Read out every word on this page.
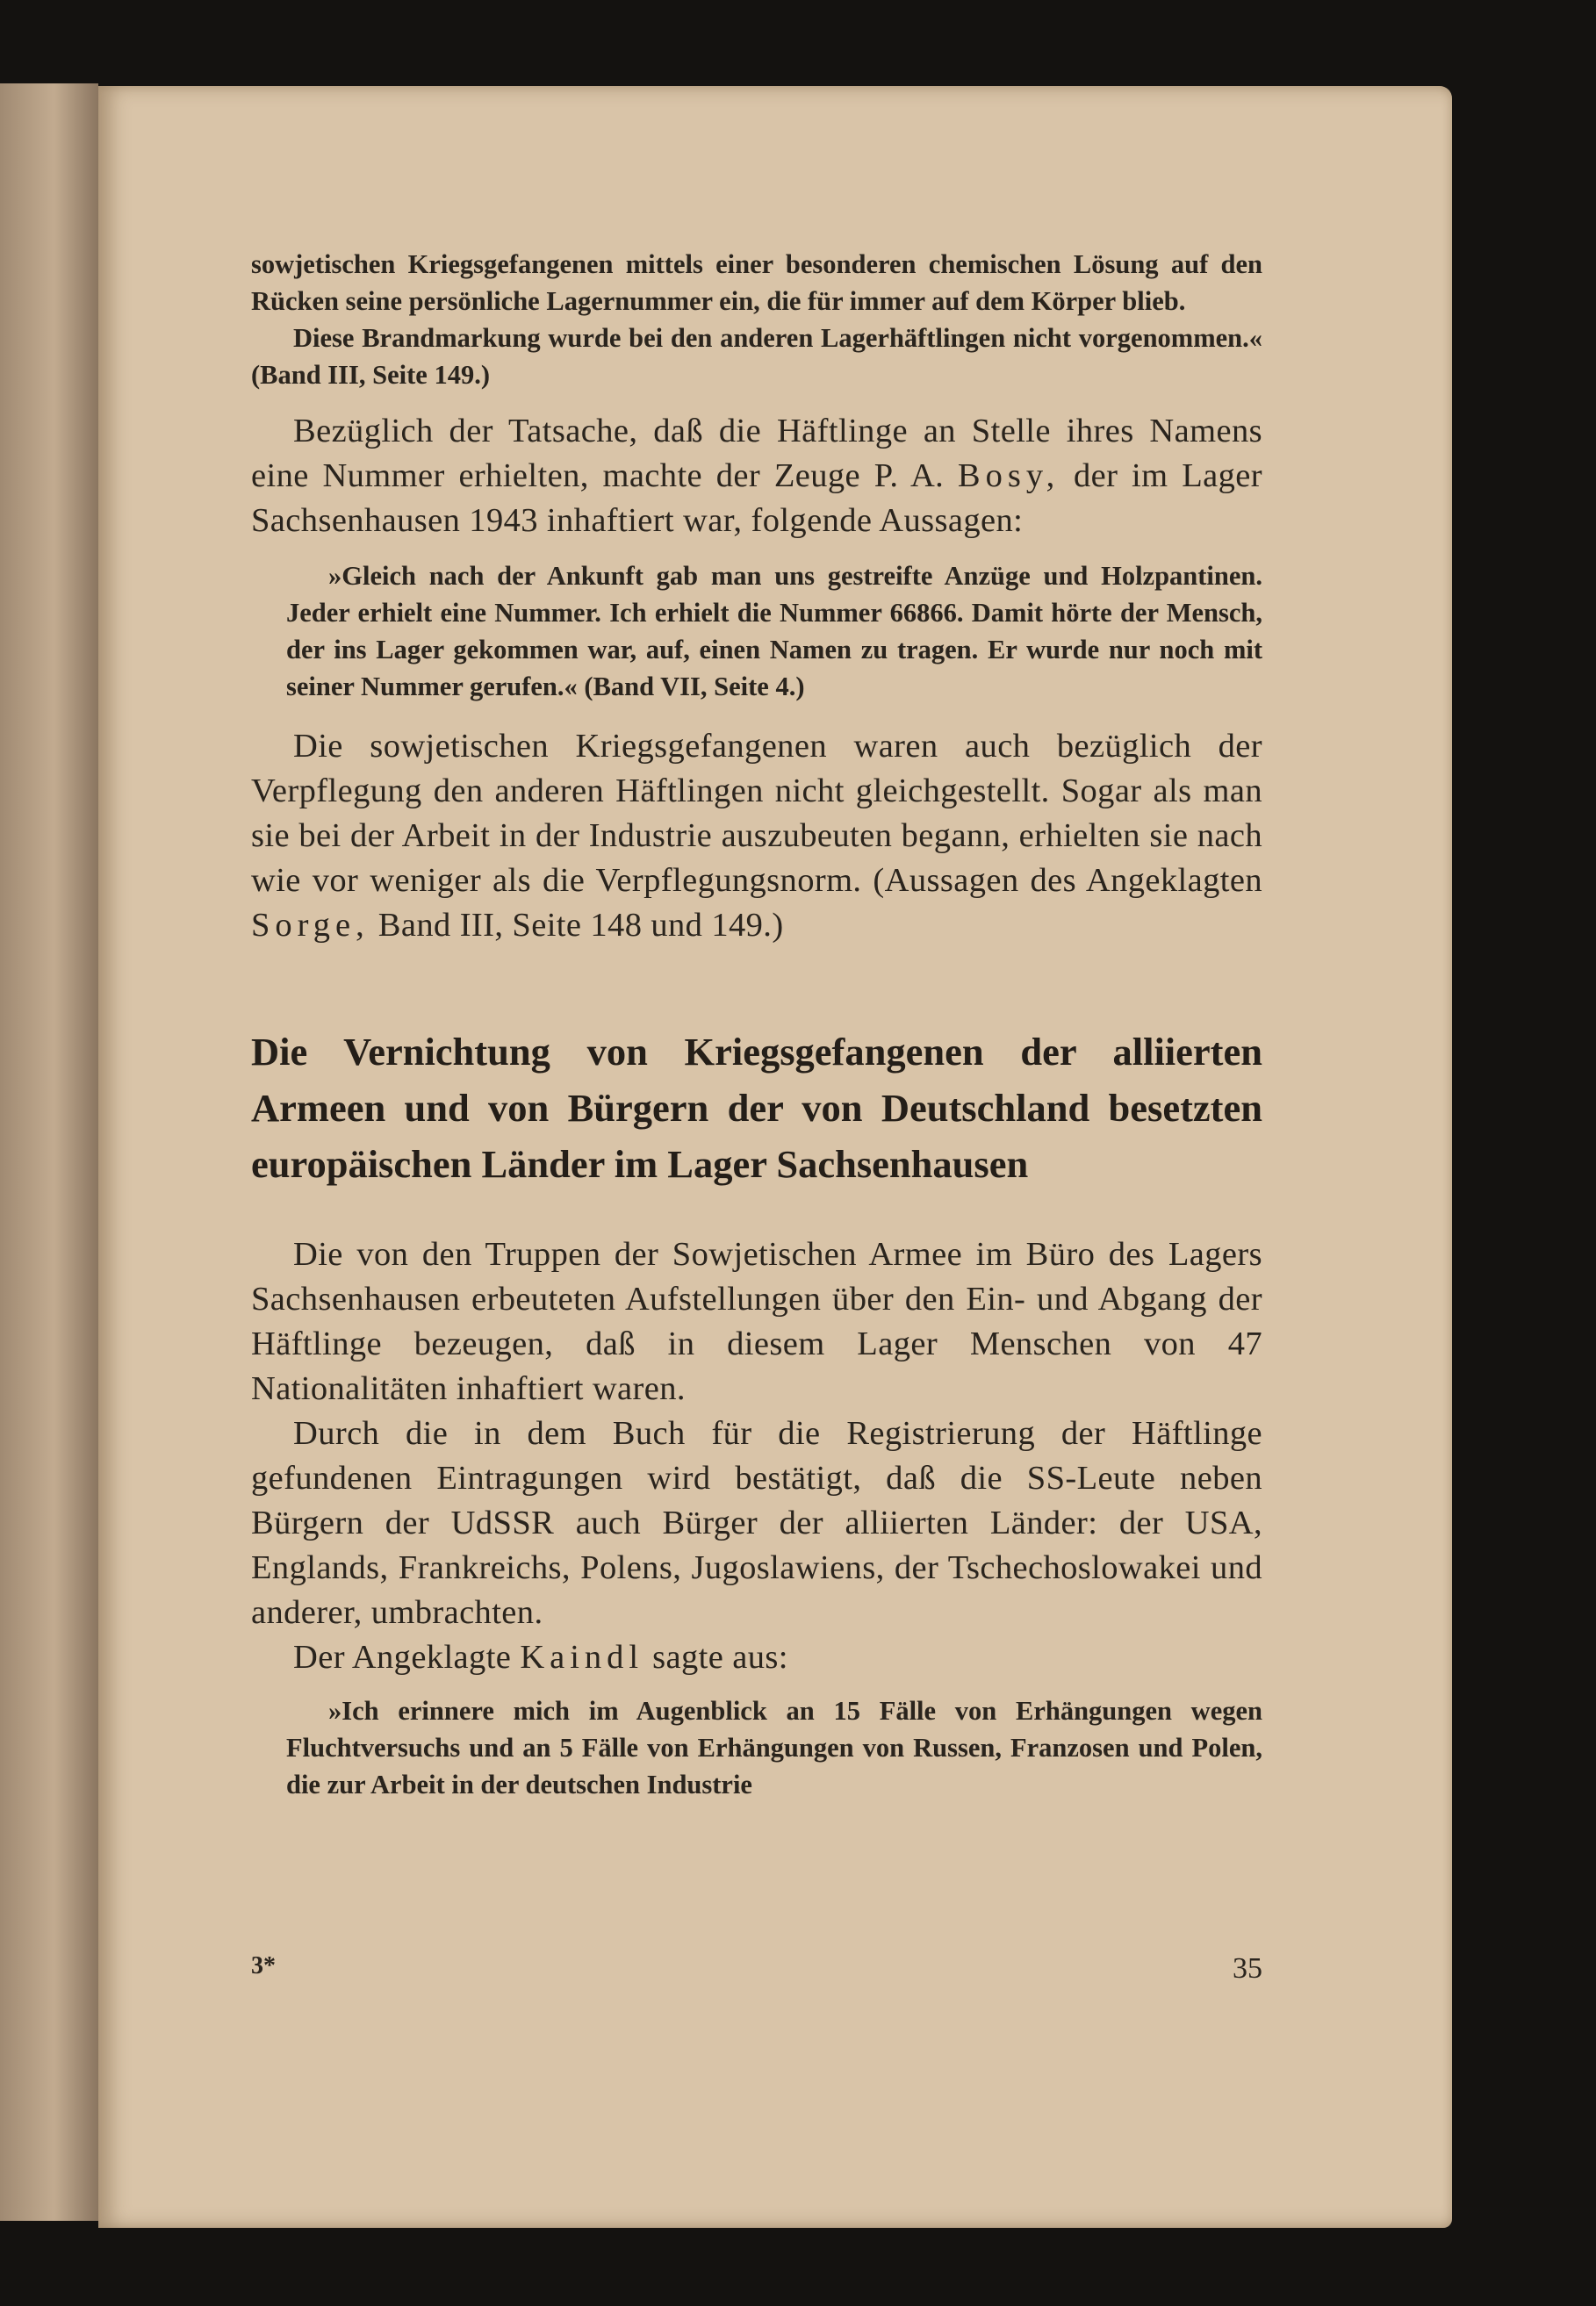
sowjetischen Kriegsgefangenen mittels einer besonderen chemischen Lösung auf den Rücken seine persönliche Lagernummer ein, die für immer auf dem Körper blieb.

Diese Brandmarkung wurde bei den anderen Lagerhäftlingen nicht vorgenommen.« (Band III, Seite 149.)

Bezüglich der Tatsache, daß die Häftlinge an Stelle ihres Namens eine Nummer erhielten, machte der Zeuge P. A. Bosy, der im Lager Sachsenhausen 1943 inhaftiert war, folgende Aussagen:

»Gleich nach der Ankunft gab man uns gestreifte Anzüge und Holzpantinen. Jeder erhielt eine Nummer. Ich erhielt die Nummer 66866. Damit hörte der Mensch, der ins Lager gekommen war, auf, einen Namen zu tragen. Er wurde nur noch mit seiner Nummer gerufen.« (Band VII, Seite 4.)

Die sowjetischen Kriegsgefangenen waren auch bezüglich der Verpflegung den anderen Häftlingen nicht gleichgestellt. Sogar als man sie bei der Arbeit in der Industrie auszubeuten begann, erhielten sie nach wie vor weniger als die Verpflegungsnorm. (Aussagen des Angeklagten Sorge, Band III, Seite 148 und 149.)

Die Vernichtung von Kriegsgefangenen der alliierten Armeen und von Bürgern der von Deutschland besetzten europäischen Länder im Lager Sachsenhausen

Die von den Truppen der Sowjetischen Armee im Büro des Lagers Sachsenhausen erbeuteten Aufstellungen über den Ein- und Abgang der Häftlinge bezeugen, daß in diesem Lager Menschen von 47 Nationalitäten inhaftiert waren.

Durch die in dem Buch für die Registrierung der Häftlinge gefundenen Eintragungen wird bestätigt, daß die SS-Leute neben Bürgern der UdSSR auch Bürger der alliierten Länder: der USA, Englands, Frankreichs, Polens, Jugoslawiens, der Tschechoslowakei und anderer, umbrachten.

Der Angeklagte Kaindl sagte aus:

»Ich erinnere mich im Augenblick an 15 Fälle von Erhängungen wegen Fluchtversuchs und an 5 Fälle von Erhängungen von Russen, Franzosen und Polen, die zur Arbeit in der deutschen Industrie

3*	35
